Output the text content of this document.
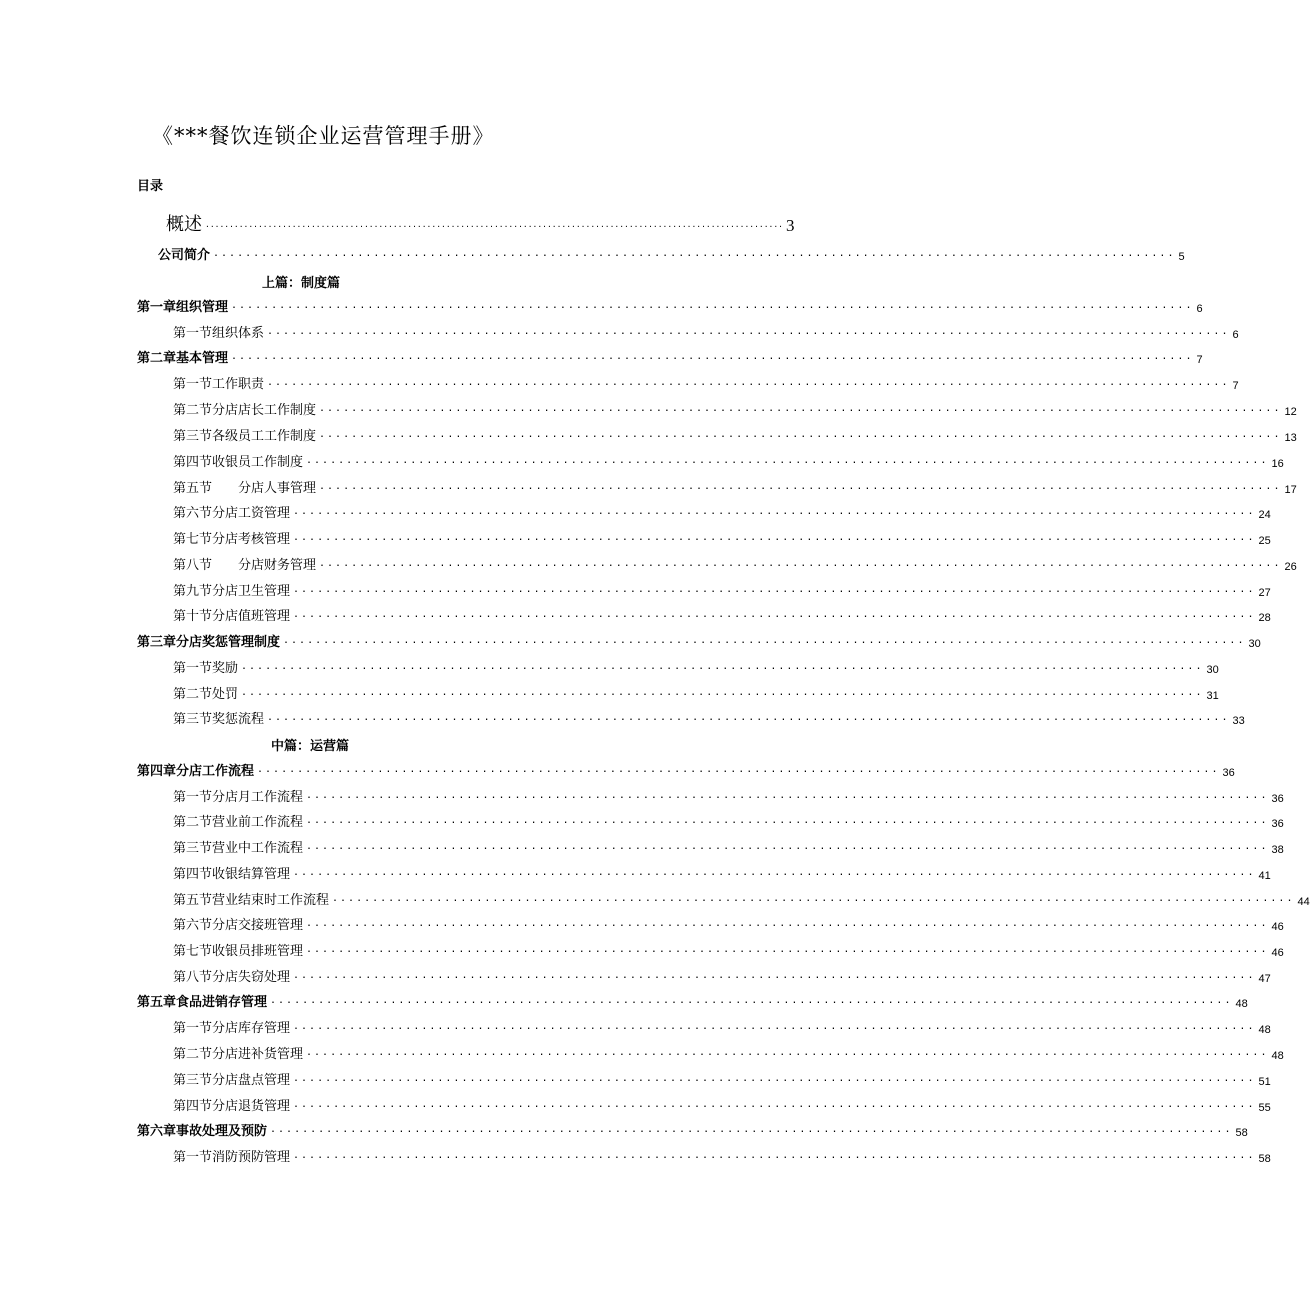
《***餐饮连锁企业运营管理手册》
目录
概述 ........................................................................................................................ 3
公司简介 ........................................................................................................................ 5
上篇：制度篇
第一章组织管理 ........................................................................................................................ 6
第一节组织体系 ........................................................................................................................ 6
第二章基本管理 ........................................................................................................................ 7
第一节工作职责 ........................................................................................................................ 7
第二节分店店长工作制度 ........................................................................................................................ 12
第三节各级员工工作制度 ........................................................................................................................ 13
第四节收银员工作制度 ........................................................................................................................ 16
第五节　　分店人事管理 ........................................................................................................................ 17
第六节分店工资管理 ........................................................................................................................ 24
第七节分店考核管理 ........................................................................................................................ 25
第八节　　分店财务管理 ........................................................................................................................ 26
第九节分店卫生管理 ........................................................................................................................ 27
第十节分店值班管理 ........................................................................................................................ 28
第三章分店奖惩管理制度 ........................................................................................................................ 30
第一节奖励 ........................................................................................................................ 30
第二节处罚 ........................................................................................................................ 31
第三节奖惩流程 ........................................................................................................................ 33
中篇：运营篇
第四章分店工作流程 ........................................................................................................................ 36
第一节分店月工作流程 ........................................................................................................................ 36
第二节营业前工作流程 ........................................................................................................................ 36
第三节营业中工作流程 ........................................................................................................................ 38
第四节收银结算管理 ........................................................................................................................ 41
第五节营业结束时工作流程 ........................................................................................................................ 44
第六节分店交接班管理 ........................................................................................................................ 46
第七节收银员排班管理 ........................................................................................................................ 46
第八节分店失窃处理 ........................................................................................................................ 47
第五章食品进销存管理 ........................................................................................................................ 48
第一节分店库存管理 ........................................................................................................................ 48
第二节分店进补货管理 ........................................................................................................................ 48
第三节分店盘点管理 ........................................................................................................................ 51
第四节分店退货管理 ........................................................................................................................ 55
第六章事故处理及预防 ........................................................................................................................ 58
第一节消防预防管理 ........................................................................................................................ 58
